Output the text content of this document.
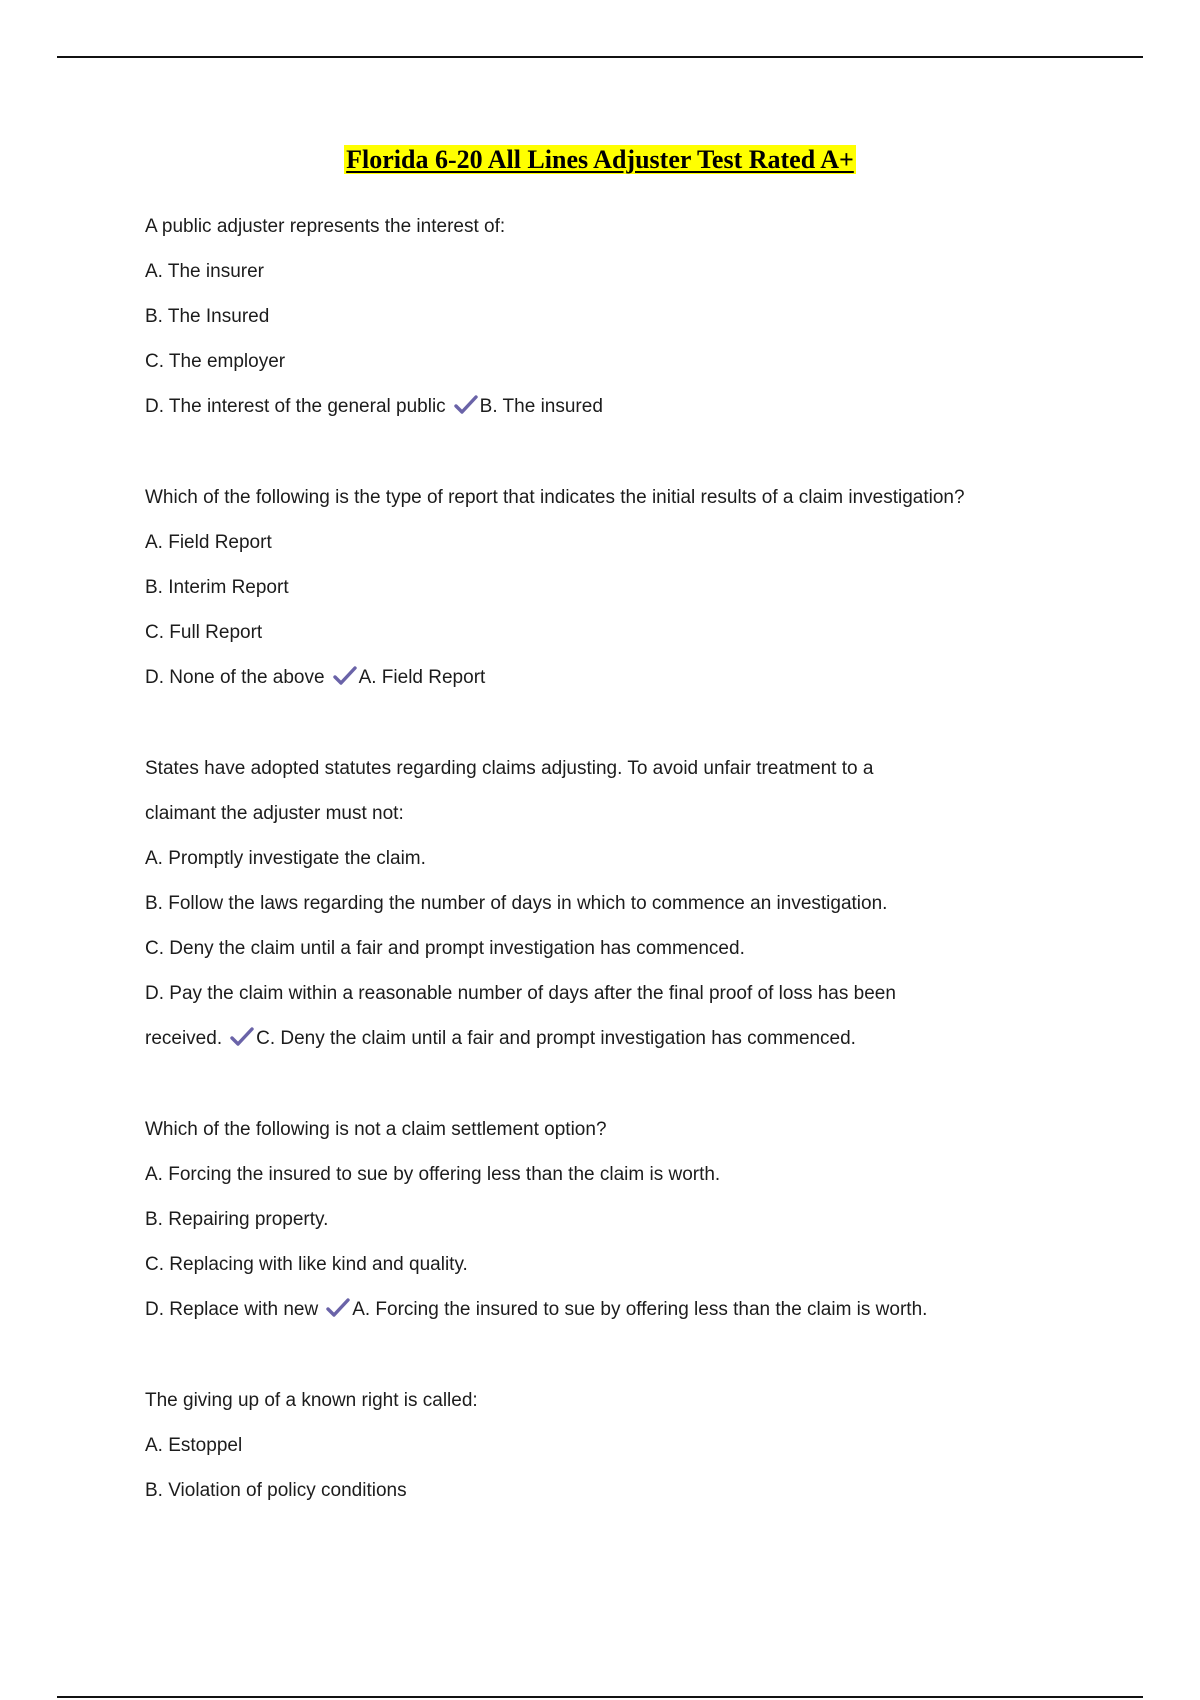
Florida 6-20 All Lines Adjuster Test Rated A+
A public adjuster represents the interest of:
A. The insurer
B. The Insured
C. The employer
D. The interest of the general public B. The insured
Which of the following is the type of report that indicates the initial results of a claim investigation?
A. Field Report
B. Interim Report
C. Full Report
D. None of the above A. Field Report
States have adopted statutes regarding claims adjusting. To avoid unfair treatment to a
claimant the adjuster must not:
A. Promptly investigate the claim.
B. Follow the laws regarding the number of days in which to commence an investigation.
C. Deny the claim until a fair and prompt investigation has commenced.
D. Pay the claim within a reasonable number of days after the final proof of loss has been
received. C. Deny the claim until a fair and prompt investigation has commenced.
Which of the following is not a claim settlement option?
A. Forcing the insured to sue by offering less than the claim is worth.
B. Repairing property.
C. Replacing with like kind and quality.
D. Replace with new A. Forcing the insured to sue by offering less than the claim is worth.
The giving up of a known right is called:
A. Estoppel
B. Violation of policy conditions
